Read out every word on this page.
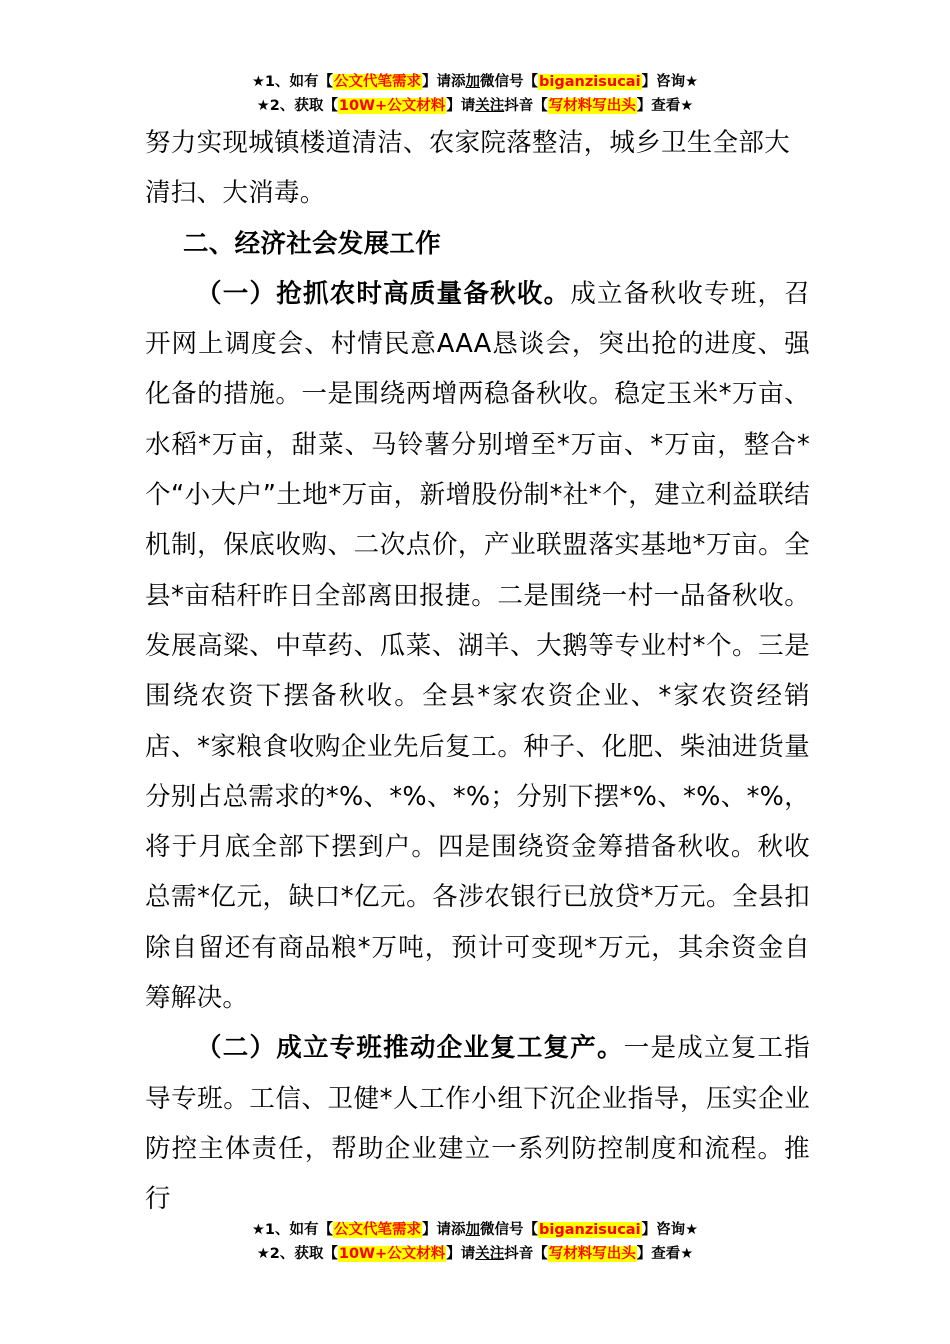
★1、如有【公文代笔需求】请添加微信号【biganzisucai】咨询★
★2、获取【10W+公文材料】请关注抖音【写材料写出头】查看★

努力实现城镇楼道清洁、农家院落整洁，城乡卫生全部大清扫、大消毒。

二、经济社会发展工作

（一）抢抓农时高质量备秋收。成立备秋收专班，召开网上调度会、村情民意AAA恳谈会，突出抢的进度、强化备的措施。一是围绕两增两稳备秋收。稳定玉米*万亩、水稻*万亩，甜菜、马铃薯分别增至*万亩、*万亩，整合*个“小大户”土地*万亩，新增股份制*社*个，建立利益联结机制，保底收购、二次点价，产业联盟落实基地*万亩。全县*亩秸秆昨日全部离田报捷。二是围绕一村一品备秋收。发展高粱、中草药、瓜菜、湖羊、大鹅等专业村*个。三是围绕农资下摆备秋收。全县*家农资企业、*家农资经销店、*家粮食收购企业先后复工。种子、化肥、柴油进货量分别占总需求的*%、*%、*%；分别下摆*%、*%、*%，将于月底全部下摆到户。四是围绕资金筹措备秋收。秋收总需*亿元，缺口*亿元。各涉农银行已放贷*万元。全县扣除自留还有商品粮*万吨，预计可变现*万元，其余资金自筹解决。

（二）成立专班推动企业复工复产。一是成立复工指导专班。工信、卫健*人工作小组下沉企业指导，压实企业防控主体责任，帮助企业建立一系列防控制度和流程。推行

★1、如有【公文代笔需求】请添加微信号【biganzisucai】咨询★
★2、获取【10W+公文材料】请关注抖音【写材料写出头】查看★
